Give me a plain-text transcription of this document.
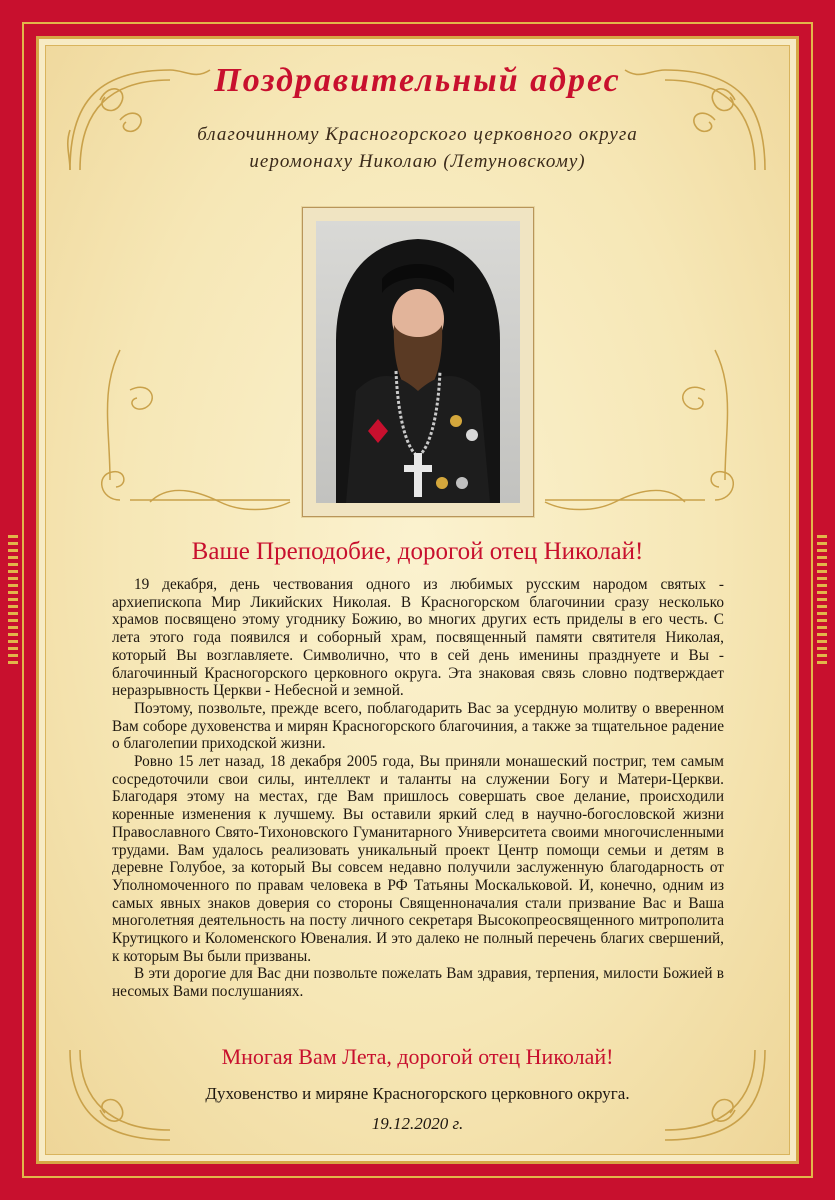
Поздравительный адрес
благочинному Красногорского церковного округа
иеромонаху Николаю (Летуновскому)
Ваше Преподобие, дорогой отец Николай!

19 декабря, день чествования одного из любимых русским народом святых - архиепископа Мир Ликийских Николая. В Красногорском благочинии сразу несколько храмов посвящено этому угоднику Божию, во многих других есть приделы в его честь. С лета этого года появился и соборный храм, посвященный памяти святителя Николая, который Вы возглавляете. Символично, что в сей день именины празднуете и Вы - благочинный Красногорского церковного округа. Эта знаковая связь словно подтверждает неразрывность Церкви - Небесной и земной.

Поэтому, позвольте, прежде всего, поблагодарить Вас за усердную молитву о вверенном Вам соборе духовенства и мирян Красногорского благочиния, а также за тщательное радение о благолепии приходской жизни.

Ровно 15 лет назад, 18 декабря 2005 года, Вы приняли монашеский постриг, тем самым сосредоточили свои силы, интеллект и таланты на служении Богу и Матери-Церкви. Благодаря этому на местах, где Вам пришлось совершать свое делание, происходили коренные изменения к лучшему. Вы оставили яркий след в научно-богословской жизни Православного Свято-Тихоновского Гуманитарного Университета своими многочисленными трудами. Вам удалось реализовать уникальный проект Центр помощи семьи и детям в деревне Голубое, за который Вы совсем недавно получили заслуженную благодарность от Уполномоченного по правам человека в РФ Татьяны Москальковой. И, конечно, одним из самых явных знаков доверия со стороны Священноначалия стали призвание Вас и Ваша многолетняя деятельность на посту личного секретаря Высокопреосвященного митрополита Крутицкого и Коломенского Ювеналия. И это далеко не полный перечень благих свершений, к которым Вы были призваны.

В эти дорогие для Вас дни позвольте пожелать Вам здравия, терпения, милости Божией в несомых Вами послушаниях.

Многая Вам Лета, дорогой отец Николай!
Духовенство и миряне Красногорского церковного округа.
19.12.2020 г.
